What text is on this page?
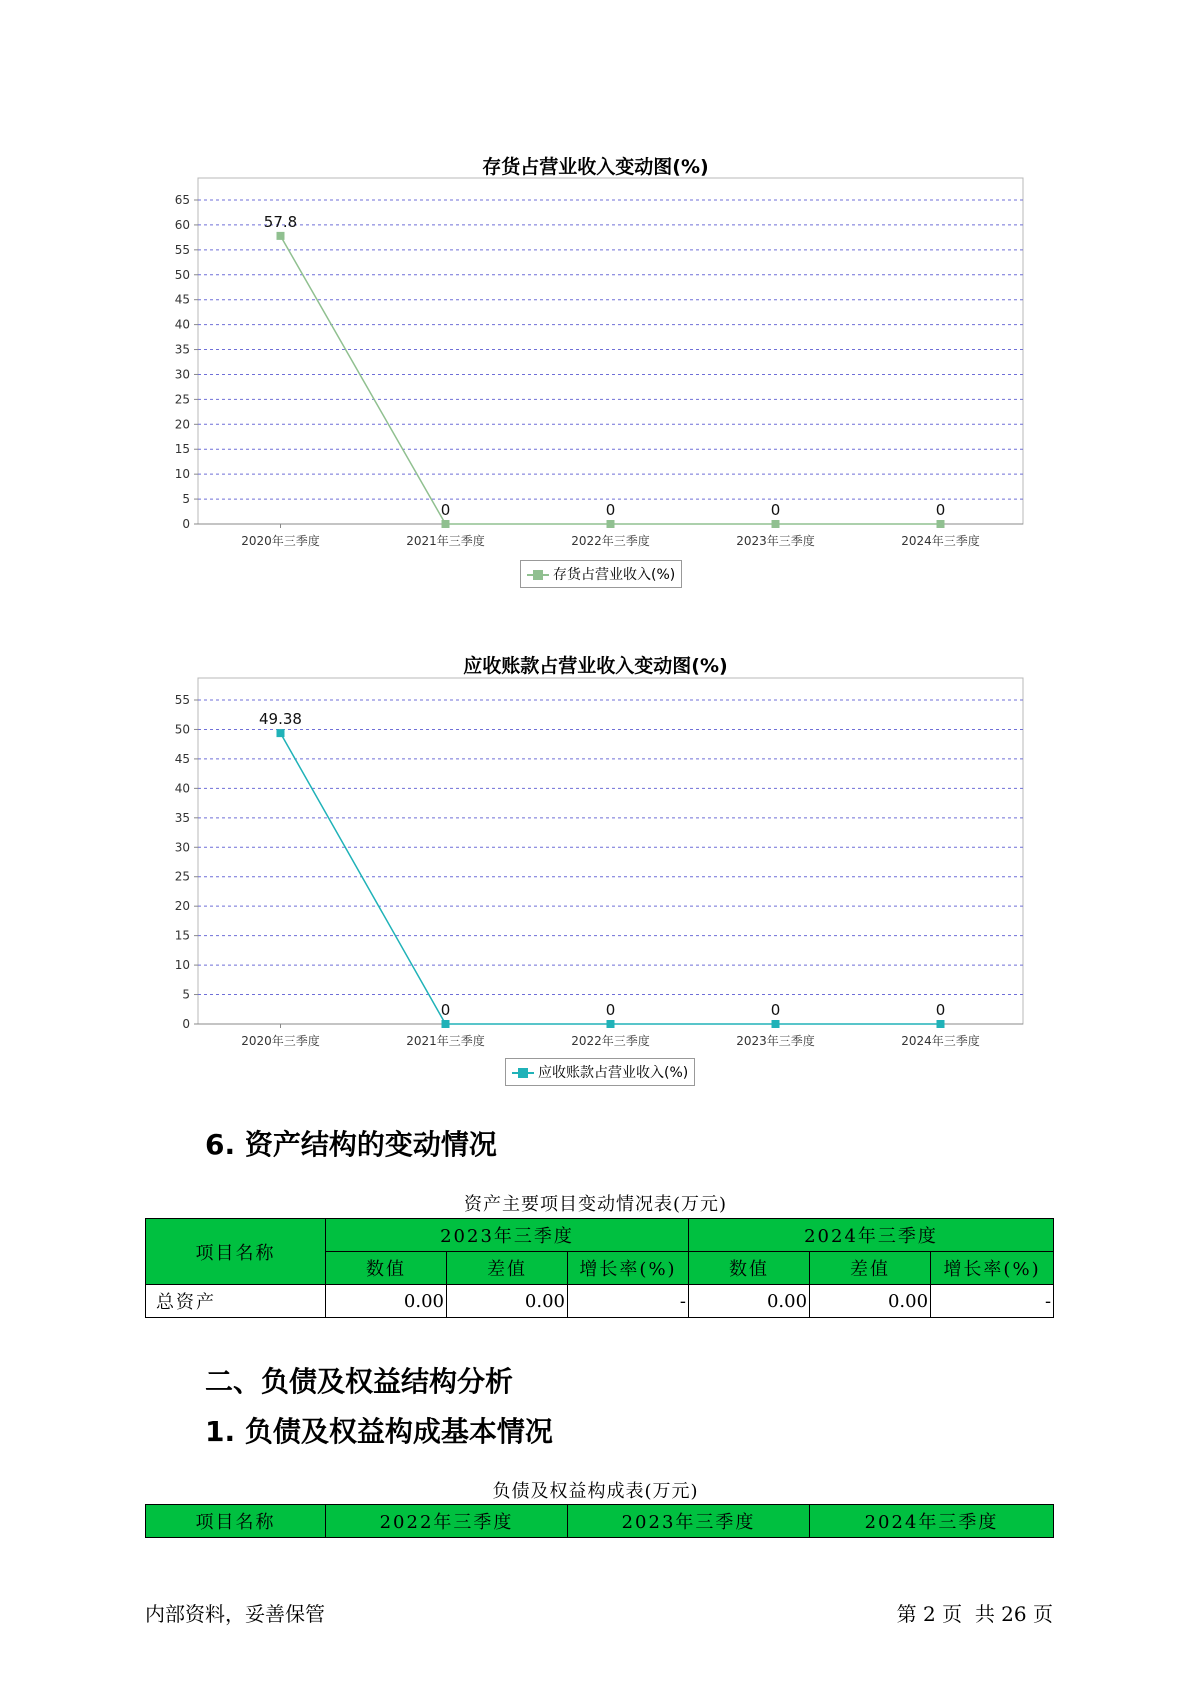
存货占营业收入变动图(%)
0
5
10
15
20
25
30
35
40
45
50
55
60
65
2020年三季度	2021年三季度	2022年三季度	2023年三季度	2024年三季度
57.8
0	0	0	0
存货占营业收入(%)
应收账款占营业收入变动图(%)
0
5
10
15
20
25
30
35
40
45
50
55
2020年三季度	2021年三季度	2022年三季度	2023年三季度	2024年三季度
49.38
0	0	0	0
应收账款占营业收入(%)
6. 资产结构的变动情况
资产主要项目变动情况表(万元)
项目名称	2023年三季度			2024年三季度		
	数值	差值	增长率(%)	数值	差值	增长率(%)
总资产	0.00	0.00	-	0.00	0.00	-
二、负债及权益结构分析
1. 负债及权益构成基本情况
负债及权益构成表(万元)
项目名称	2022年三季度	2023年三季度	2024年三季度
内部资料，妥善保管	第 2 页  共 26 页
